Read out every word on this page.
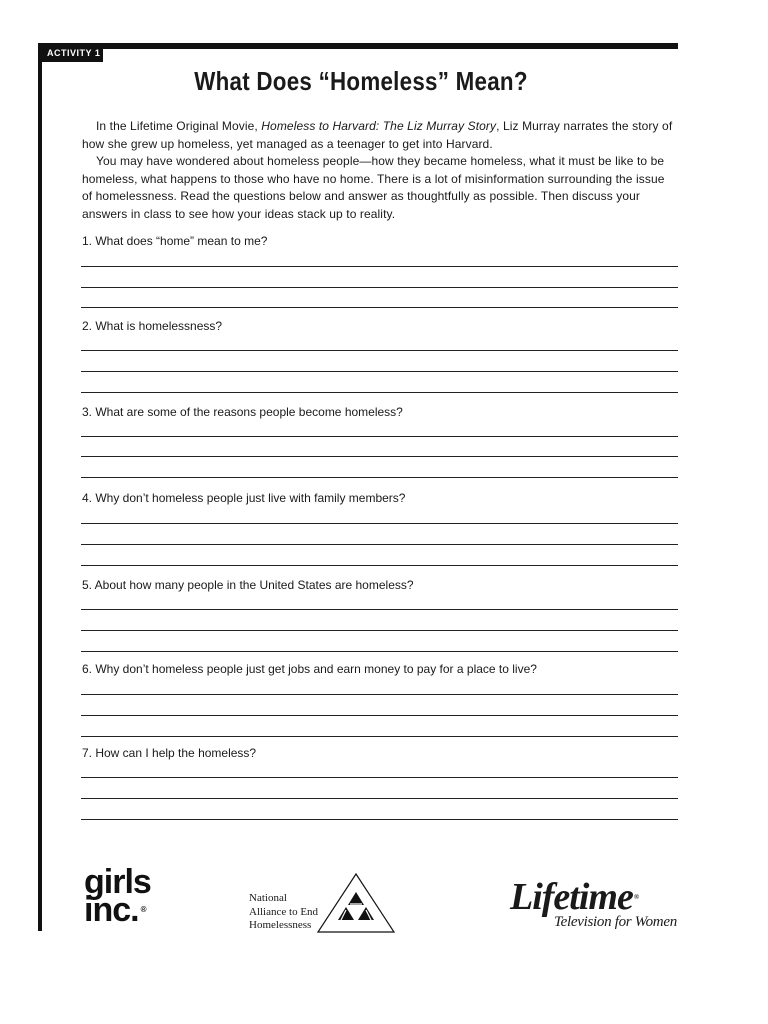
ACTIVITY 1
What Does “Homeless” Mean?

In the Lifetime Original Movie, Homeless to Harvard: The Liz Murray Story, Liz Murray narrates the story of how she grew up homeless, yet managed as a teenager to get into Harvard.

You may have wondered about homeless people—how they became homeless, what it must be like to be homeless, what happens to those who have no home. There is a lot of misinformation surrounding the issue of homelessness. Read the questions below and answer as thoughtfully as possible. Then discuss your answers in class to see how your ideas stack up to reality.

1. What does “home” mean to me?
2. What is homelessness?
3. What are some of the reasons people become homeless?
4. Why don’t homeless people just live with family members?
5. About how many people in the United States are homeless?
6. Why don’t homeless people just get jobs and earn money to pay for a place to live?
7. How can I help the homeless?
girls
inc. ®
National
Alliance to End
Homelessness
Lifetime®
Television for Women
